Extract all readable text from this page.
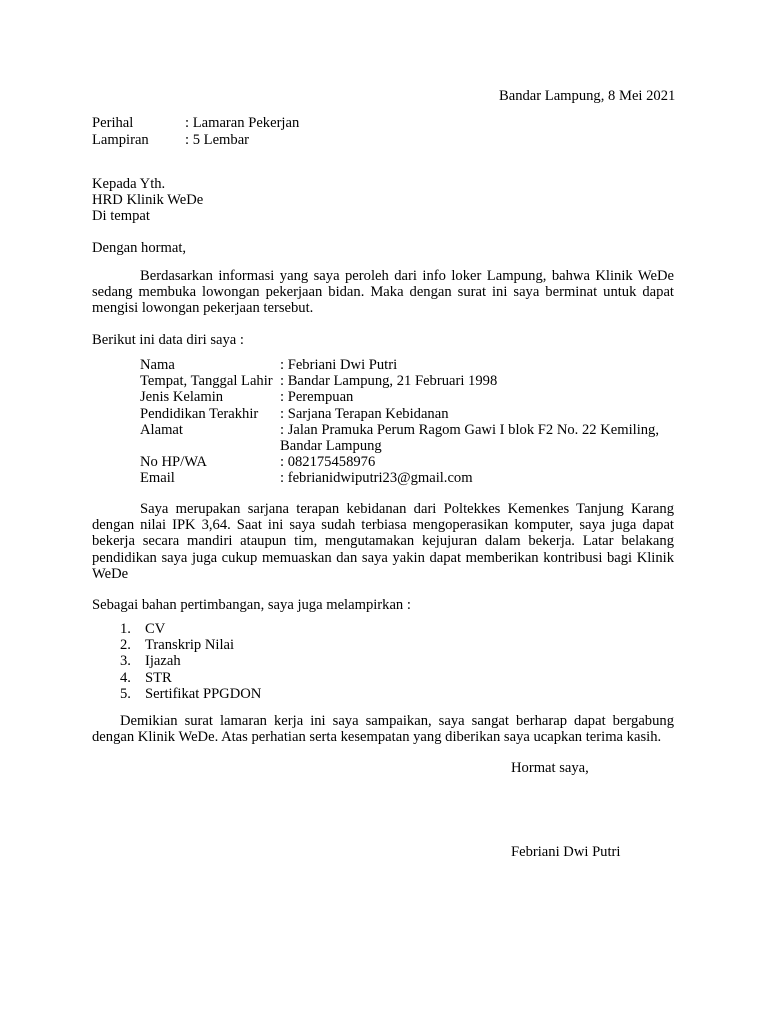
Bandar Lampung, 8 Mei 2021
Perihal	: Lamaran Pekerjan
Lampiran : 5 Lembar
Kepada Yth.
HRD Klinik WeDe
Di tempat
Dengan hormat,
Berdasarkan informasi yang saya peroleh dari info loker Lampung, bahwa Klinik WeDe sedang membuka lowongan pekerjaan bidan. Maka dengan surat ini saya berminat untuk dapat mengisi lowongan pekerjaan tersebut.
Berikut ini data diri saya :
Nama	: Febriani Dwi Putri
Tempat, Tanggal Lahir	: Bandar Lampung, 21 Februari 1998
Jenis Kelamin	: Perempuan
Pendidikan Terakhir	: Sarjana Terapan Kebidanan
Alamat	: Jalan Pramuka Perum Ragom Gawi I blok F2 No. 22 Kemiling,
Bandar Lampung

No HP/WA	: 082175458976
Email	: febrianidwiputri23@gmail.com
Saya merupakan sarjana terapan kebidanan dari Poltekkes Kemenkes Tanjung Karang dengan nilai IPK 3,64. Saat ini saya sudah terbiasa mengoperasikan komputer, saya juga dapat bekerja secara mandiri ataupun tim, mengutamakan kejujuran dalam bekerja. Latar belakang pendidikan saya juga cukup memuaskan dan saya yakin dapat memberikan kontribusi bagi Klinik WeDe
Sebagai bahan pertimbangan, saya juga melampirkan :
1. CV
2. Transkrip Nilai
3. Ijazah
4. STR
5. Sertifikat PPGDON
Demikian surat lamaran kerja ini saya sampaikan, saya sangat berharap dapat bergabung dengan Klinik WeDe. Atas perhatian serta kesempatan yang diberikan saya ucapkan terima kasih.
Hormat saya,
Febriani Dwi Putri
